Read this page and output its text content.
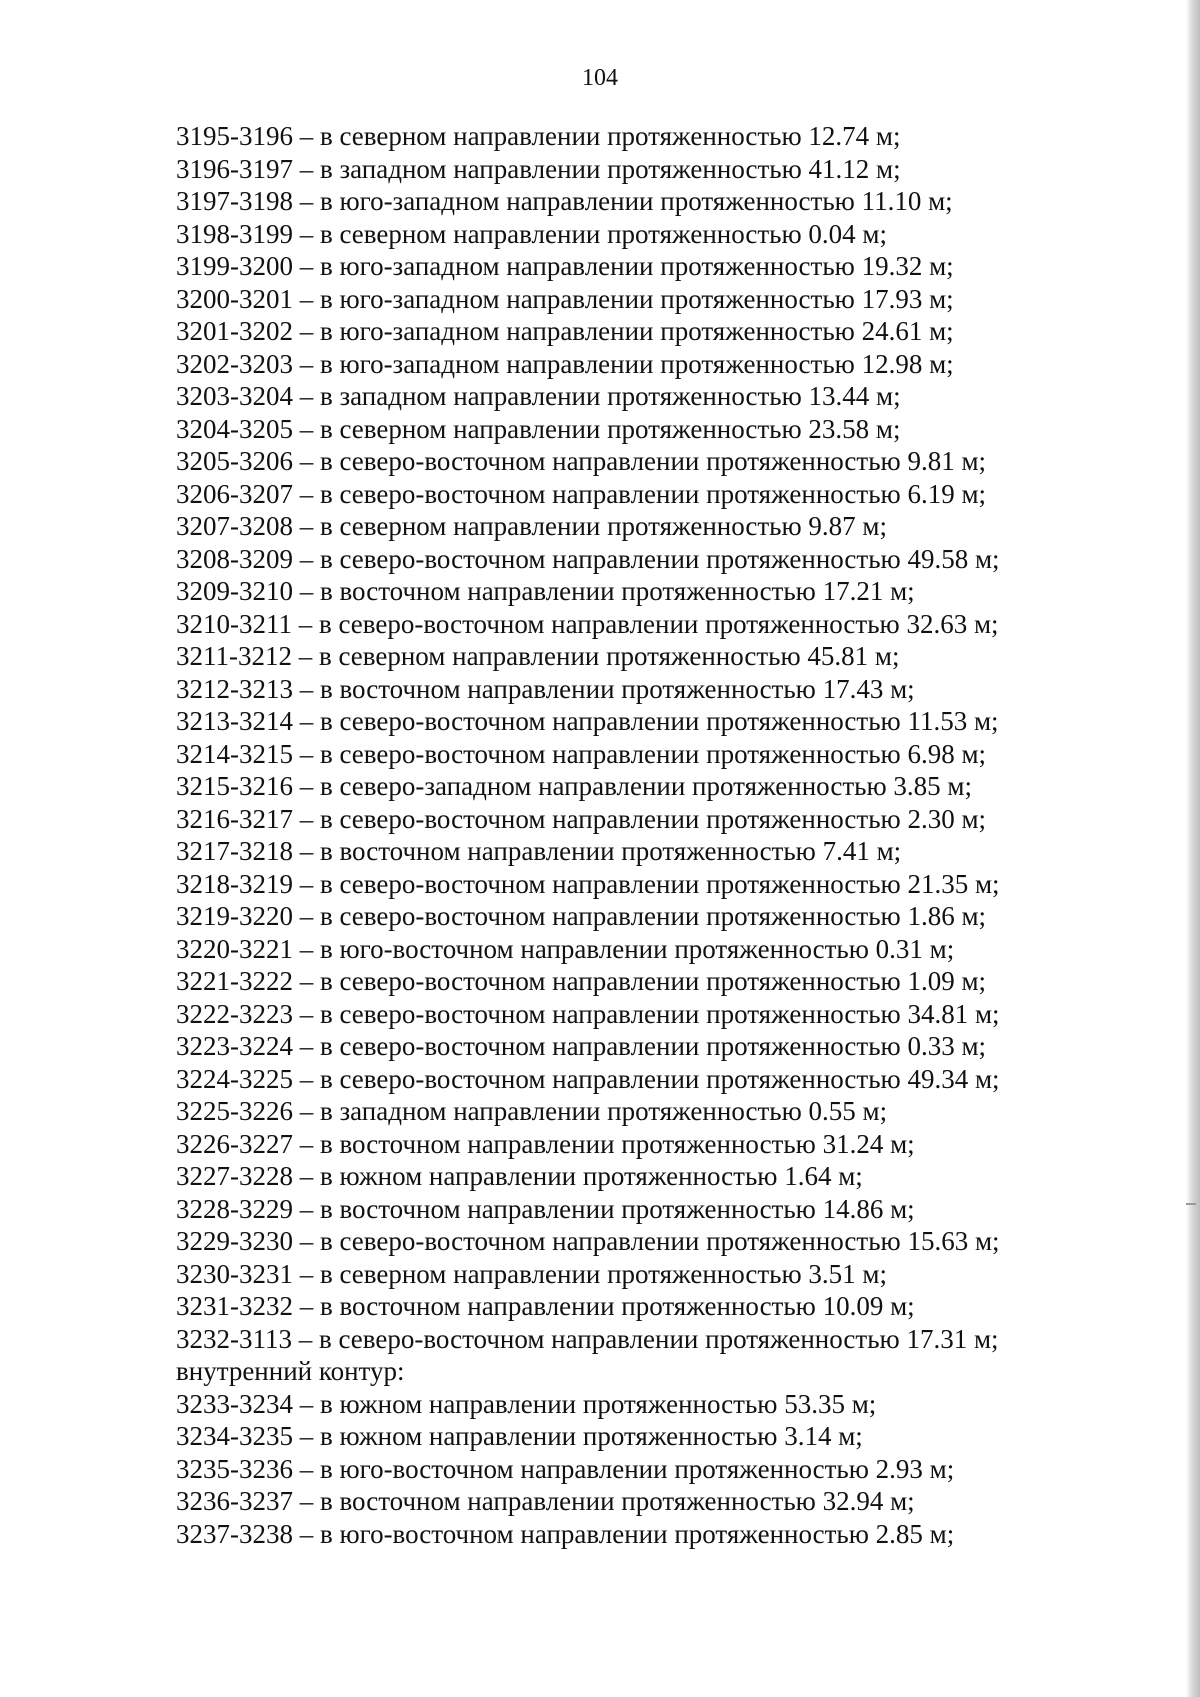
104
3195-3196 – в северном направлении протяженностью 12.74 м;
3196-3197 – в западном направлении протяженностью 41.12 м;
3197-3198 – в юго-западном направлении протяженностью 11.10 м;
3198-3199 – в северном направлении протяженностью 0.04 м;
3199-3200 – в юго-западном направлении протяженностью 19.32 м;
3200-3201 – в юго-западном направлении протяженностью 17.93 м;
3201-3202 – в юго-западном направлении протяженностью 24.61 м;
3202-3203 – в юго-западном направлении протяженностью 12.98 м;
3203-3204 – в западном направлении протяженностью 13.44 м;
3204-3205 – в северном направлении протяженностью 23.58 м;
3205-3206 – в северо-восточном направлении протяженностью 9.81 м;
3206-3207 – в северо-восточном направлении протяженностью 6.19 м;
3207-3208 – в северном направлении протяженностью 9.87 м;
3208-3209 – в северо-восточном направлении протяженностью 49.58 м;
3209-3210 – в восточном направлении протяженностью 17.21 м;
3210-3211 – в северо-восточном направлении протяженностью 32.63 м;
3211-3212 – в северном направлении протяженностью 45.81 м;
3212-3213 – в восточном направлении протяженностью 17.43 м;
3213-3214 – в северо-восточном направлении протяженностью 11.53 м;
3214-3215 – в северо-восточном направлении протяженностью 6.98 м;
3215-3216 – в северо-западном направлении протяженностью 3.85 м;
3216-3217 – в северо-восточном направлении протяженностью 2.30 м;
3217-3218 – в восточном направлении протяженностью 7.41 м;
3218-3219 – в северо-восточном направлении протяженностью 21.35 м;
3219-3220 – в северо-восточном направлении протяженностью 1.86 м;
3220-3221 – в юго-восточном направлении протяженностью 0.31 м;
3221-3222 – в северо-восточном направлении протяженностью 1.09 м;
3222-3223 – в северо-восточном направлении протяженностью 34.81 м;
3223-3224 – в северо-восточном направлении протяженностью 0.33 м;
3224-3225 – в северо-восточном направлении протяженностью 49.34 м;
3225-3226 – в западном направлении протяженностью 0.55 м;
3226-3227 – в восточном направлении протяженностью 31.24 м;
3227-3228 – в южном направлении протяженностью 1.64 м;
3228-3229 – в восточном направлении протяженностью 14.86 м;
3229-3230 – в северо-восточном направлении протяженностью 15.63 м;
3230-3231 – в северном направлении протяженностью 3.51 м;
3231-3232 – в восточном направлении протяженностью 10.09 м;
3232-3113 – в северо-восточном направлении протяженностью 17.31 м;
внутренний контур:
3233-3234 – в южном направлении протяженностью 53.35 м;
3234-3235 – в южном направлении протяженностью 3.14 м;
3235-3236 – в юго-восточном направлении протяженностью 2.93 м;
3236-3237 – в восточном направлении протяженностью 32.94 м;
3237-3238 – в юго-восточном направлении протяженностью 2.85 м;
